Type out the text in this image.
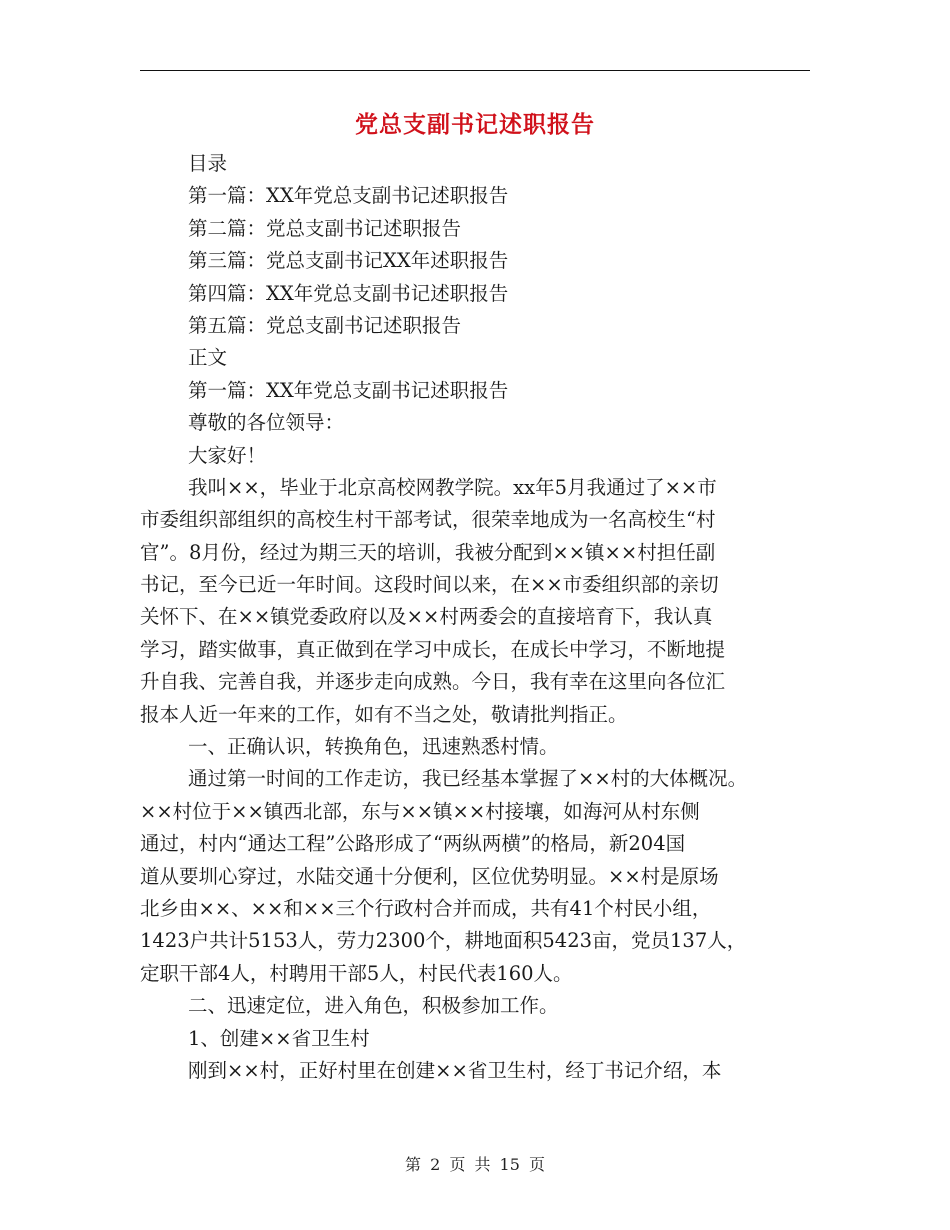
党总支副书记述职报告
目录
第一篇：XX年党总支副书记述职报告
第二篇：党总支副书记述职报告
第三篇：党总支副书记XX年述职报告
第四篇：XX年党总支副书记述职报告
第五篇：党总支副书记述职报告
正文
第一篇：XX年党总支副书记述职报告
尊敬的各位领导：
大家好！
我叫××，毕业于北京高校网教学院。xx年5月我通过了××市
市委组织部组织的高校生村干部考试，很荣幸地成为一名高校生“村
官”。8月份，经过为期三天的培训，我被分配到××镇××村担任副
书记，至今已近一年时间。这段时间以来，在××市委组织部的亲切
关怀下、在××镇党委政府以及××村两委会的直接培育下，我认真
学习，踏实做事，真正做到在学习中成长，在成长中学习，不断地提
升自我、完善自我，并逐步走向成熟。今日，我有幸在这里向各位汇
报本人近一年来的工作，如有不当之处，敬请批判指正。
一、正确认识，转换角色，迅速熟悉村情。
通过第一时间的工作走访，我已经基本掌握了××村的大体概况。
××村位于××镇西北部，东与××镇××村接壤，如海河从村东侧
通过，村内“通达工程”公路形成了“两纵两横”的格局，新204国
道从要圳心穿过，水陆交通十分便利，区位优势明显。××村是原场
北乡由××、××和××三个行政村合并而成，共有41个村民小组，
1423户共计5153人，劳力2300个，耕地面积5423亩，党员137人，
定职干部4人，村聘用干部5人，村民代表160人。
二、迅速定位，进入角色，积极参加工作。
1、创建××省卫生村
刚到××村，正好村里在创建××省卫生村，经丁书记介绍，本
第 2 页 共 15 页
